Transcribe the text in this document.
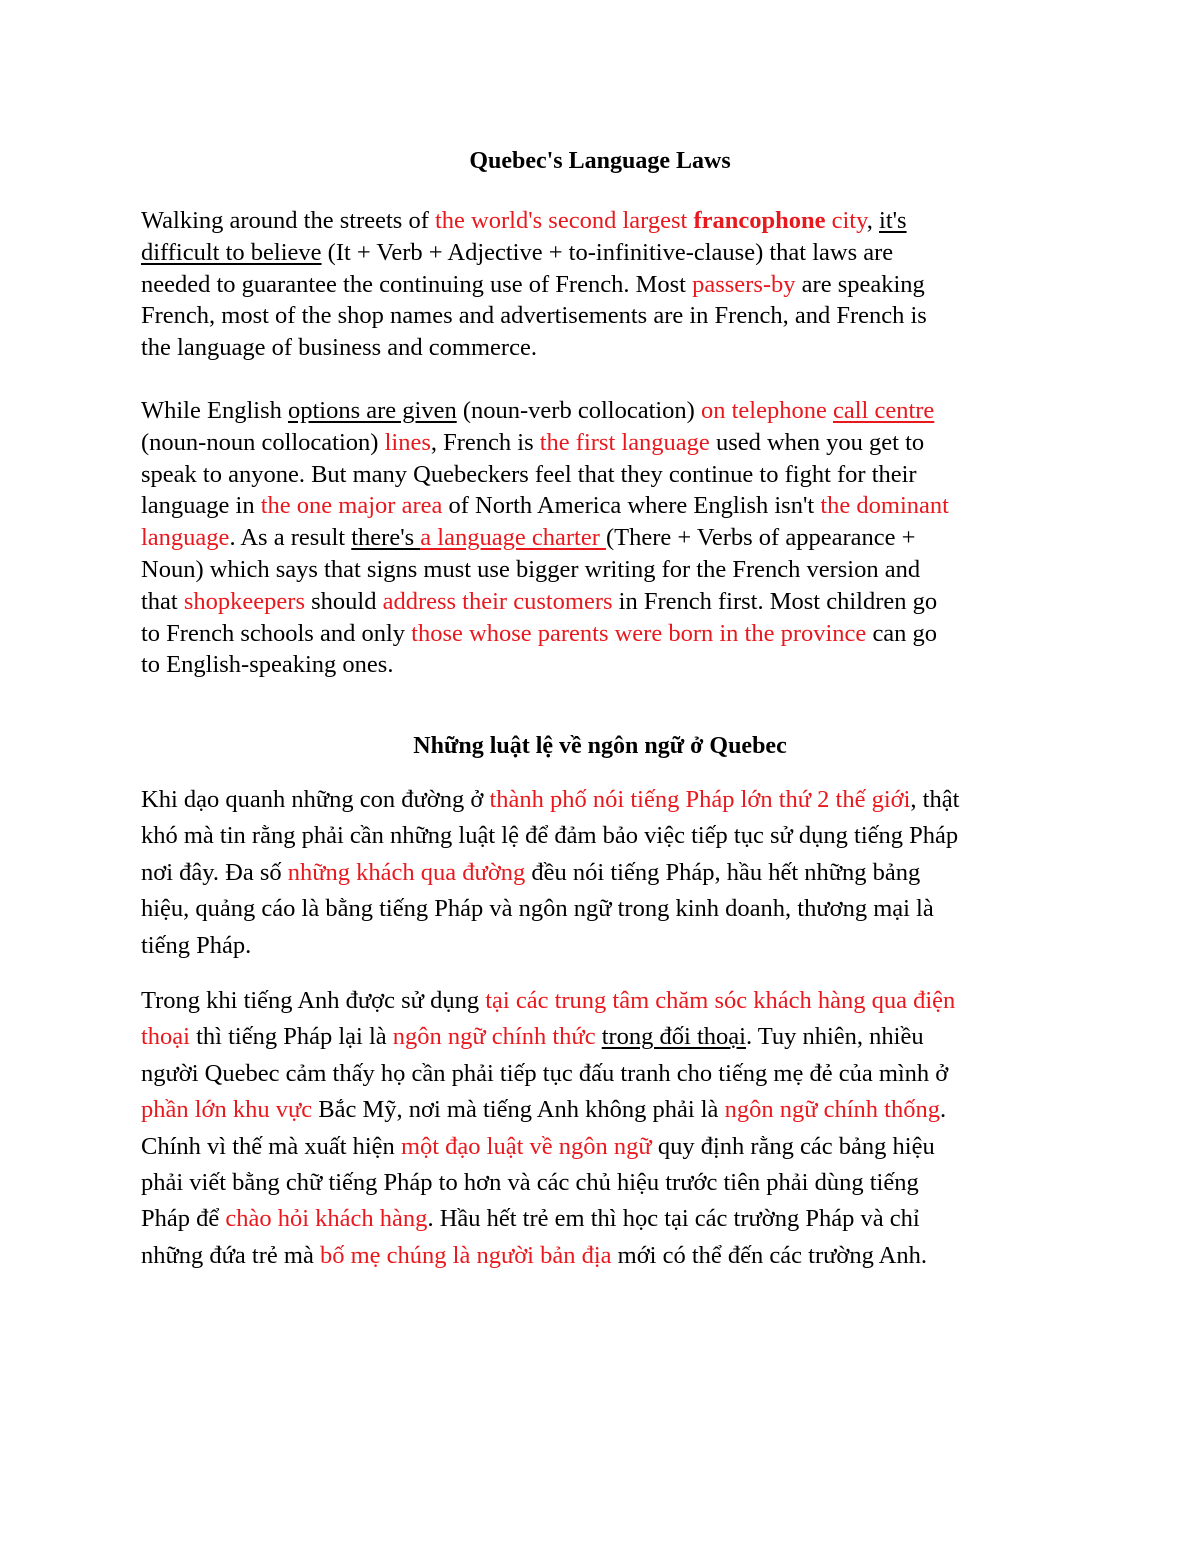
Quebec's Language Laws

Walking around the streets of the world's second largest francophone city, it's
difficult to believe (It + Verb + Adjective + to-infinitive-clause) that laws are
needed to guarantee the continuing use of French. Most passers-by are speaking
French, most of the shop names and advertisements are in French, and French is
the language of business and commerce.

While English options are given (noun-verb collocation) on telephone call centre
(noun-noun collocation) lines, French is the first language used when you get to
speak to anyone. But many Quebeckers feel that they continue to fight for their
language in the one major area of North America where English isn't the dominant
language. As a result there's a language charter (There + Verbs of appearance +
Noun) which says that signs must use bigger writing for the French version and
that shopkeepers should address their customers in French first. Most children go
to French schools and only those whose parents were born in the province can go
to English-speaking ones.

Những luật lệ về ngôn ngữ ở Quebec

Khi dạo quanh những con đường ở thành phố nói tiếng Pháp lớn thứ 2 thế giới, thật
khó mà tin rằng phải cần những luật lệ để đảm bảo việc tiếp tục sử dụng tiếng Pháp
nơi đây. Đa số những khách qua đường đều nói tiếng Pháp, hầu hết những bảng
hiệu, quảng cáo là bằng tiếng Pháp và ngôn ngữ trong kinh doanh, thương mại là
tiếng Pháp.

Trong khi tiếng Anh được sử dụng tại các trung tâm chăm sóc khách hàng qua điện
thoại thì tiếng Pháp lại là ngôn ngữ chính thức trong đối thoại. Tuy nhiên, nhiều
người Quebec cảm thấy họ cần phải tiếp tục đấu tranh cho tiếng mẹ đẻ của mình ở
phần lớn khu vực Bắc Mỹ, nơi mà tiếng Anh không phải là ngôn ngữ chính thống.
Chính vì thế mà xuất hiện một đạo luật về ngôn ngữ quy định rằng các bảng hiệu
phải viết bằng chữ tiếng Pháp to hơn và các chủ hiệu trước tiên phải dùng tiếng
Pháp để chào hỏi khách hàng. Hầu hết trẻ em thì học tại các trường Pháp và chỉ
những đứa trẻ mà bố mẹ chúng là người bản địa mới có thể đến các trường Anh.
